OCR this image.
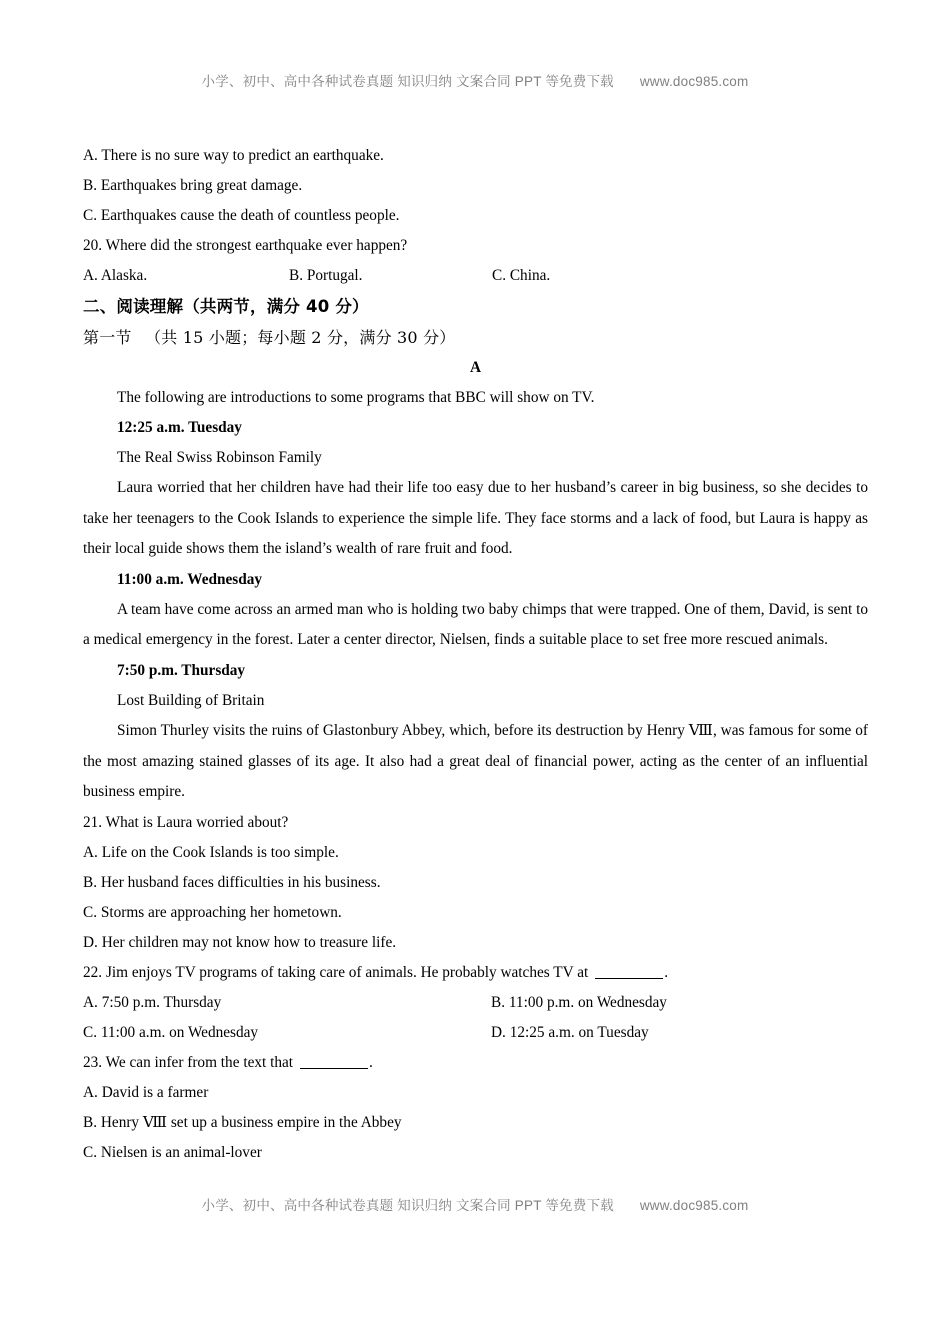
小学、初中、高中各种试卷真题 知识归纳 文案合同 PPT 等免费下载 www.doc985.com
A. There is no sure way to predict an earthquake.
B. Earthquakes bring great damage.
C. Earthquakes cause the death of countless people.
20. Where did the strongest earthquake ever happen?
A. Alaska.	B. Portugal.	C. China.
二、阅读理解（共两节，满分 40 分）
第一节 　（共 15 小题；每小题 2 分，满分 30 分）
A
The following are introductions to some programs that BBC will show on TV.
12:25 a.m. Tuesday
The Real Swiss Robinson Family

Laura worried that her children have had their life too easy due to her husband’s career in big business, so she decides to take her teenagers to the Cook Islands to experience the simple life. They face storms and a lack of food, but Laura is happy as their local guide shows them the island’s wealth of rare fruit and food.

11:00 a.m. Wednesday

A team have come across an armed man who is holding two baby chimps that were trapped. One of them, David, is sent to a medical emergency in the forest. Later a center director, Nielsen, finds a suitable place to set free more rescued animals.

7:50 p.m. Thursday
Lost Building of Britain

Simon Thurley visits the ruins of Glastonbury Abbey, which, before its destruction by Henry Ⅷ, was famous for some of the most amazing stained glasses of its age. It also had a great deal of financial power, acting as the center of an influential business empire.

21. What is Laura worried about?
A. Life on the Cook Islands is too simple.
B. Her husband faces difficulties in his business.
C. Storms are approaching her hometown.
D. Her children may not know how to treasure life.
22. Jim enjoys TV programs of taking care of animals. He probably watches TV at	.
A. 7:50 p.m. Thursday	B. 11:00 p.m. on Wednesday
C. 11:00 a.m. on Wednesday	D. 12:25 a.m. on Tuesday
23. We can infer from the text that	.
A. David is a farmer
B. Henry Ⅷ set up a business empire in the Abbey
C. Nielsen is an animal-lover
小学、初中、高中各种试卷真题 知识归纳 文案合同 PPT 等免费下载 www.doc985.com
